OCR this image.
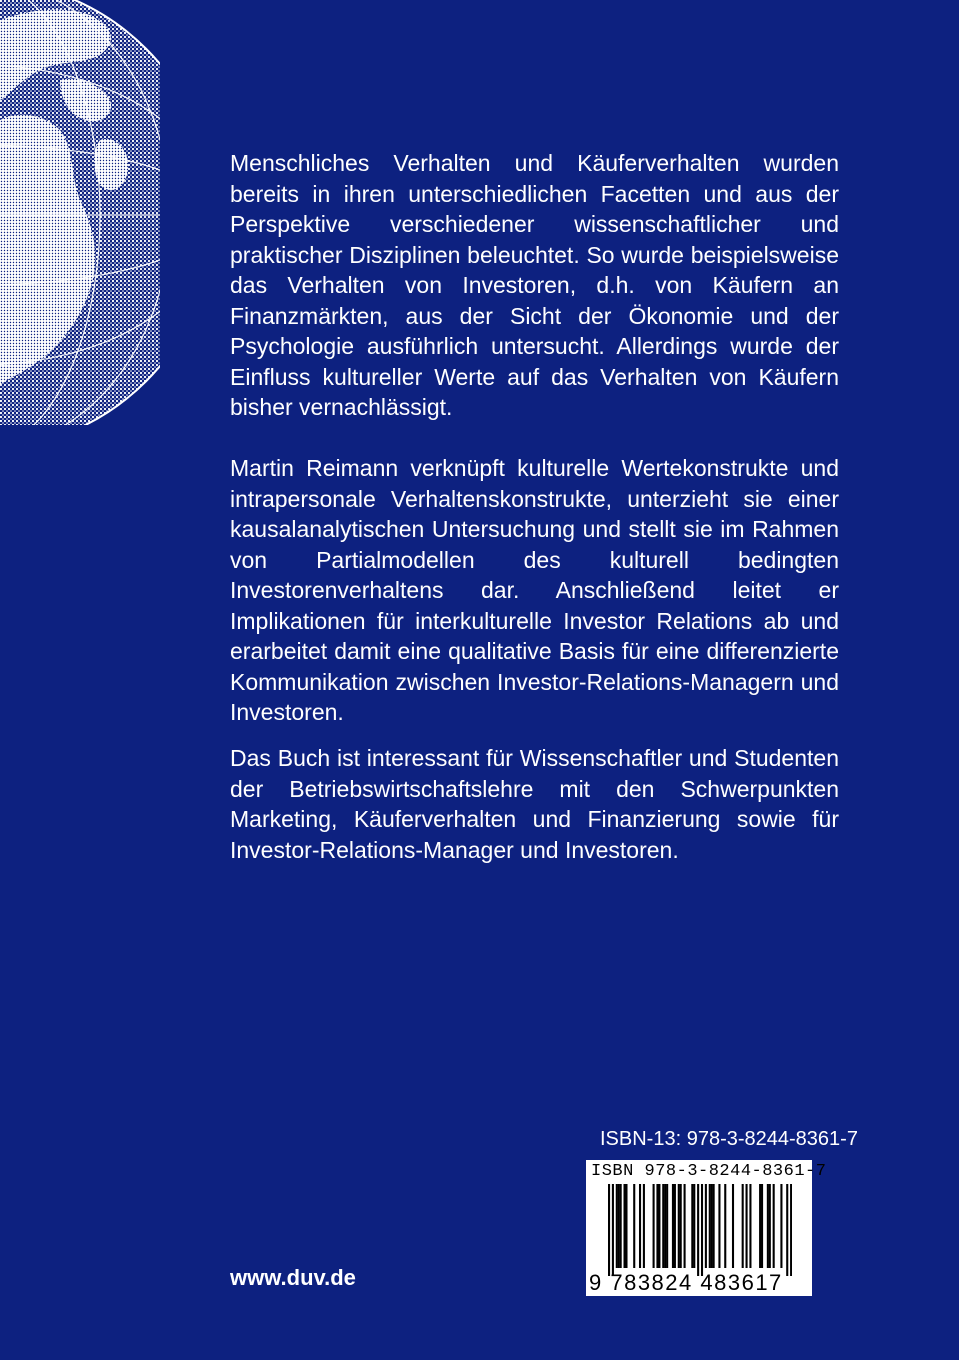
Menschliches Verhalten und Käuferverhalten wurden bereits in ihren unterschiedlichen Facetten und aus der Perspektive verschiedener wissenschaftlicher und praktischer Disziplinen beleuchtet. So wurde beispielsweise das Verhalten von Investoren, d.h. von Käufern an Finanzmärkten, aus der Sicht der Ökonomie und der Psychologie ausführlich untersucht. Allerdings wurde der Einfluss kultureller Werte auf das Verhalten von Käufern bisher vernachlässigt.

Martin Reimann verknüpft kulturelle Wertekonstrukte und intrapersonale Verhaltenskonstrukte, unterzieht sie einer kausalanalytischen Untersuchung und stellt sie im Rahmen von Partialmodellen des kulturell bedingten Investorenverhaltens dar. Anschließend leitet er Implikationen für interkulturelle Investor Relations ab und erarbeitet damit eine qualitative Basis für eine differenzierte Kommunikation zwischen Investor-Relations-Managern und Investoren.

Das Buch ist interessant für Wissenschaftler und Studenten der Betriebswirtschaftslehre mit den Schwerpunkten Marketing, Käuferverhalten und Finanzierung sowie für Investor-Relations-Manager und Investoren.

ISBN-13: 978-3-8244-8361-7
ISBN 978-3-8244-8361-7
9 783824 483617
www.duv.de
